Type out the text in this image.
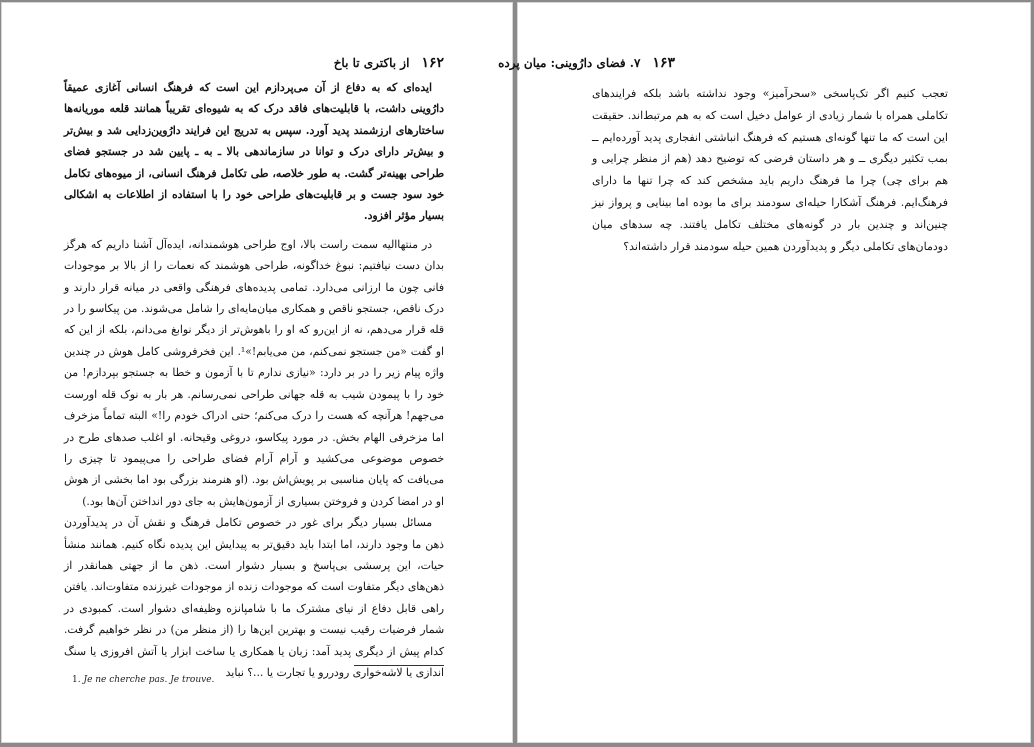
۱۶۲
از باکتری تا باخ

ایده‌ای که به دفاع از آن می‌پردازم این است که فرهنگ انسانی آغازی عمیقاً دارُوینی داشت، با قابلیت‌های فاقد درک که به شیوه‌ای تقریباً همانند قلعه موریانه‌ها ساختارهای ارزشمند پدید آورد. سپس به تدریج این فرایند دارُوین‌زدایی شد و بیش‌تر و بیش‌تر دارای درک و توانا در سازماندهی بالا ـ به ـ پایین شد در جستجو فضای طراحی بهینه‌تر گشت. به طور خلاصه، طی تکامل فرهنگ انسانی، از میوه‌های تکامل خود سود جست و بر قابلیت‌های طراحی خود را با استفاده از اطلاعات به اشکالی بسیار مؤثر افزود.

در منتهاالیه سمت راست بالا، اوج طراحی هوشمندانه، ایده‌آل آشنا داریم که هرگز بدان دست نیافتیم: نبوغ خداگونه، طراحی هوشمند که نعمات را از بالا بر موجودات فانی چون ما ارزانی می‌دارد. تمامی پدیده‌های فرهنگی واقعی در میانه قرار دارند و درک ناقص، جستجو ناقص و همکاری میان‌مایه‌ای را شامل می‌شوند. من پیکاسو را در قله قرار می‌دهم، نه از این‌رو که او را باهوش‌تر از دیگر نوابغ می‌دانم، بلکه از این که او گفت «من جستجو نمی‌کنم، من می‌یابم!»¹. این فخرفروشی کامل هوش در چندین واژه پیام زیر را در بر دارد: «نیازی ندارم تا با آزمون و خطا به جستجو بپردازم! من خود را با پیمودن شیب به قله جهانی طراحی نمی‌رسانم. هر بار به نوک قله اورست می‌جهم! هرآنچه که هست را درک می‌کنم؛ حتی ادراک خودم را!» البته تماماً مزخرف اما مزخرفی الهام بخش. در مورد پیکاسو، دروغی وقیحانه. او اغلب صدهای طرح در خصوص موضوعی می‌کشید و آرام آرام فضای طراحی را می‌پیمود تا چیزی را می‌یافت که پایان مناسبی بر پویش‌اش بود. (او هنرمند بزرگی بود اما بخشی از هوش او در امضا کردن و فروختن بسیاری از آزمون‌هایش به جای دور انداختن آن‌ها بود.)

مسائل بسیار دیگر برای غور در خصوص تکامل فرهنگ و نقش آن در پدیدآوردن ذهن ما وجود دارند، اما ابتدا باید دقیق‌تر به پیدایش این پدیده نگاه کنیم. همانند منشأ حیات، این پرسشی بی‌پاسخ و بسیار دشوار است. ذهن ما از جهتی همانقدر از ذهن‌های دیگر متفاوت است که موجودات زنده از موجودات غیرزنده متفاوت‌اند. یافتن راهی قابل دفاع از نیای مشترک ما با شامپانزه وظیفه‌ای دشوار است. کمبودی در شمار فرضیات رقیب نیست و بهترین این‌ها را (از منظر من) در نظر خواهیم گرفت. کدام پیش از دیگری پدید آمد: زبان یا همکاری یا ساخت ابزار یا آتش افروزی یا سنگ اندازی یا لاشه‌خواری رودررو یا تجارت یا ...؟ نباید

1. Je ne cherche pas. Je trouve.
۱۶۳
۷. فضای دارُوینی: میان پرده

تعجب کنیم اگر تک‌پاسخی «سحرآمیز» وجود نداشته باشد بلکه فرایندهای تکاملی همراه با شمار زیادی از عوامل دخیل است که به هم مرتبط‌اند. حقیقت این است که ما تنها گونه‌ای هستیم که فرهنگ انباشتی انفجاری پدید آورده‌ایم ــ بمب تکثیر دیگری ــ و هر داستان فرضی که توضیح دهد (هم از منظر چرایی و هم برای چی) چرا ما فرهنگ داریم باید مشخص کند که چرا تنها ما دارای فرهنگ‌ایم. فرهنگ آشکارا حیله‌ای سودمند برای ما بوده اما بینایی و پرواز نیز چنین‌اند و چندین بار در گونه‌های مختلف تکامل یافتند. چه سدهای میان دودمان‌های تکاملی دیگر و پدیدآوردن همین حیله سودمند قرار داشته‌اند؟
